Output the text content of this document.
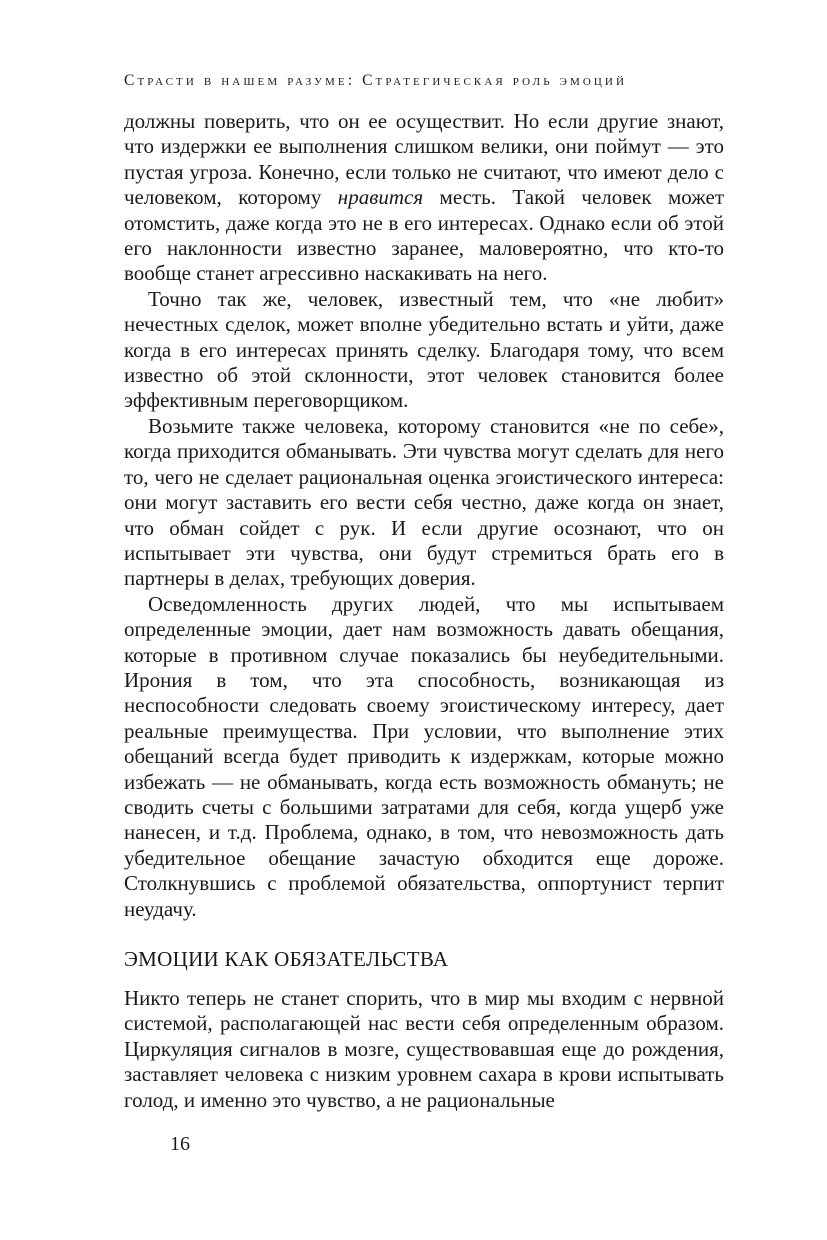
Страсти в нашем разуме: Стратегическая роль эмоций

должны поверить, что он ее осуществит. Но если другие знают, что издержки ее выполнения слишком велики, они поймут — это пустая угроза. Конечно, если только не считают, что имеют дело с человеком, которому нравится месть. Такой человек может отомстить, даже когда это не в его интересах. Однако если об этой его наклонности известно заранее, маловероятно, что кто-то вообще станет агрессивно наскакивать на него.

Точно так же, человек, известный тем, что «не любит» нечестных сделок, может вполне убедительно встать и уйти, даже когда в его интересах принять сделку. Благодаря тому, что всем известно об этой склонности, этот человек становится более эффективным переговорщиком.

Возьмите также человека, которому становится «не по себе», когда приходится обманывать. Эти чувства могут сделать для него то, чего не сделает рациональная оценка эгоистического интереса: они могут заставить его вести себя честно, даже когда он знает, что обман сойдет с рук. И если другие осознают, что он испытывает эти чувства, они будут стремиться брать его в партнеры в делах, требующих доверия.

Осведомленность других людей, что мы испытываем определенные эмоции, дает нам возможность давать обещания, которые в противном случае показались бы неубедительными. Ирония в том, что эта способность, возникающая из неспособности следовать своему эгоистическому интересу, дает реальные преимущества. При условии, что выполнение этих обещаний всегда будет приводить к издержкам, которые можно избежать — не обманывать, когда есть возможность обмануть; не сводить счеты с большими затратами для себя, когда ущерб уже нанесен, и т.д. Проблема, однако, в том, что невозможность дать убедительное обещание зачастую обходится еще дороже. Столкнувшись с проблемой обязательства, оппортунист терпит неудачу.

ЭМОЦИИ КАК ОБЯЗАТЕЛЬСТВА

Никто теперь не станет спорить, что в мир мы входим с нервной системой, располагающей нас вести себя определенным образом. Циркуляция сигналов в мозге, существовавшая еще до рождения, заставляет человека с низким уровнем сахара в крови испытывать голод, и именно это чувство, а не рациональные

16
